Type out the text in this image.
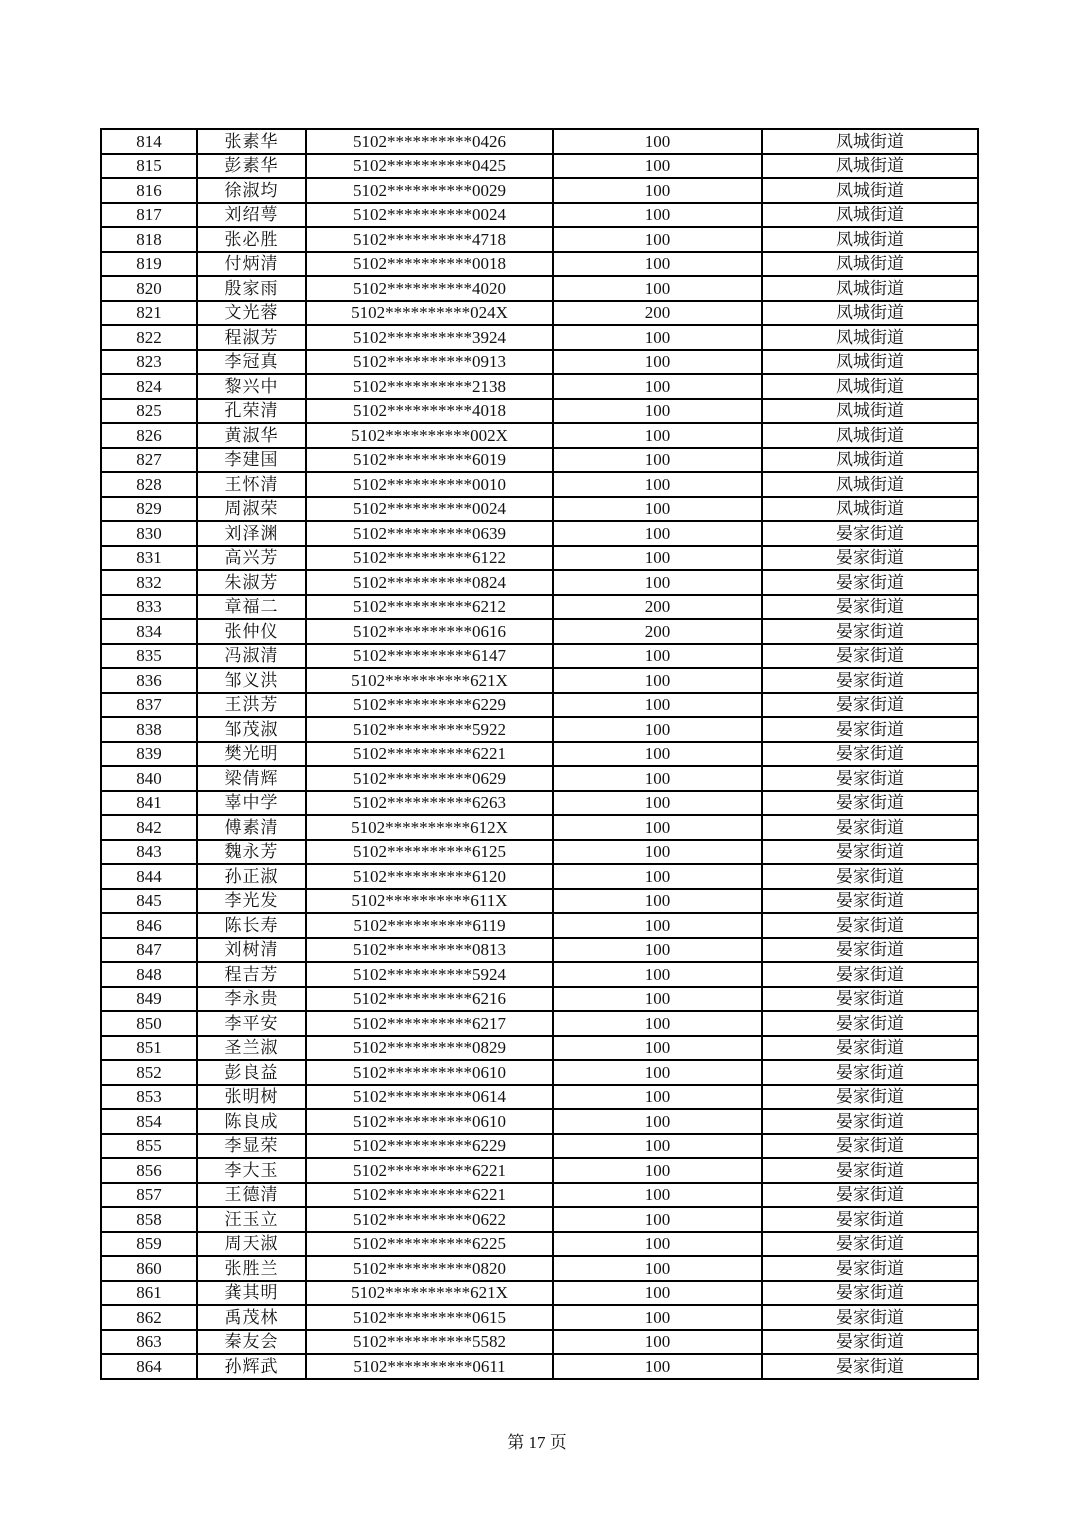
814	张素华	5102**********0426	100	凤城街道
815	彭素华	5102**********0425	100	凤城街道
816	徐淑均	5102**********0029	100	凤城街道
817	刘绍萼	5102**********0024	100	凤城街道
818	张必胜	5102**********4718	100	凤城街道
819	付炳清	5102**********0018	100	凤城街道
820	殷家雨	5102**********4020	100	凤城街道
821	文光蓉	5102**********024X	200	凤城街道
822	程淑芳	5102**********3924	100	凤城街道
823	李冠真	5102**********0913	100	凤城街道
824	黎兴中	5102**********2138	100	凤城街道
825	孔荣清	5102**********4018	100	凤城街道
826	黄淑华	5102**********002X	100	凤城街道
827	李建国	5102**********6019	100	凤城街道
828	王怀清	5102**********0010	100	凤城街道
829	周淑荣	5102**********0024	100	凤城街道
830	刘泽渊	5102**********0639	100	晏家街道
831	高兴芳	5102**********6122	100	晏家街道
832	朱淑芳	5102**********0824	100	晏家街道
833	章福二	5102**********6212	200	晏家街道
834	张仲仪	5102**********0616	200	晏家街道
835	冯淑清	5102**********6147	100	晏家街道
836	邹义洪	5102**********621X	100	晏家街道
837	王洪芳	5102**********6229	100	晏家街道
838	邹茂淑	5102**********5922	100	晏家街道
839	樊光明	5102**********6221	100	晏家街道
840	梁倩辉	5102**********0629	100	晏家街道
841	辜中学	5102**********6263	100	晏家街道
842	傅素清	5102**********612X	100	晏家街道
843	魏永芳	5102**********6125	100	晏家街道
844	孙正淑	5102**********6120	100	晏家街道
845	李光发	5102**********611X	100	晏家街道
846	陈长寿	5102**********6119	100	晏家街道
847	刘树清	5102**********0813	100	晏家街道
848	程吉芳	5102**********5924	100	晏家街道
849	李永贵	5102**********6216	100	晏家街道
850	李平安	5102**********6217	100	晏家街道
851	圣兰淑	5102**********0829	100	晏家街道
852	彭良益	5102**********0610	100	晏家街道
853	张明树	5102**********0614	100	晏家街道
854	陈良成	5102**********0610	100	晏家街道
855	李显荣	5102**********6229	100	晏家街道
856	李大玉	5102**********6221	100	晏家街道
857	王德清	5102**********6221	100	晏家街道
858	汪玉立	5102**********0622	100	晏家街道
859	周天淑	5102**********6225	100	晏家街道
860	张胜兰	5102**********0820	100	晏家街道
861	龚其明	5102**********621X	100	晏家街道
862	禹茂林	5102**********0615	100	晏家街道
863	秦友会	5102**********5582	100	晏家街道
864	孙辉武	5102**********0611	100	晏家街道
第 17 页
